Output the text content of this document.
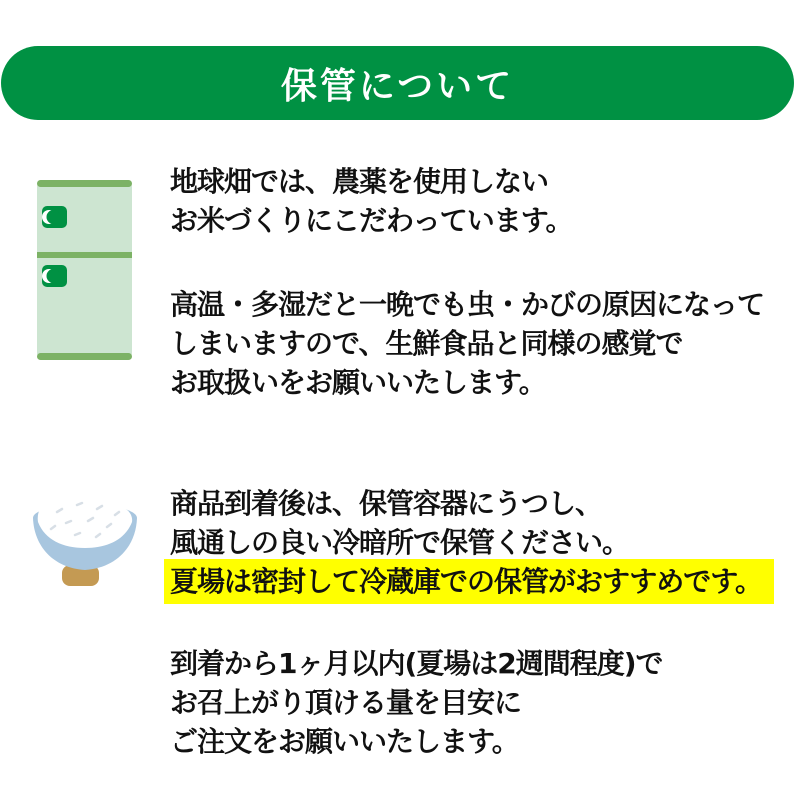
保管について
地球畑では、農薬を使用しない
お米づくりにこだわっています。
高温・多湿だと一晩でも虫・かびの原因になって
しまいますので、生鮮食品と同様の感覚で
お取扱いをお願いいたします。
商品到着後は、保管容器にうつし、
風通しの良い冷暗所で保管ください。
夏場は密封して冷蔵庫での保管がおすすめです。
到着から1ヶ月以内(夏場は2週間程度)で
お召上がり頂ける量を目安に
ご注文をお願いいたします。
